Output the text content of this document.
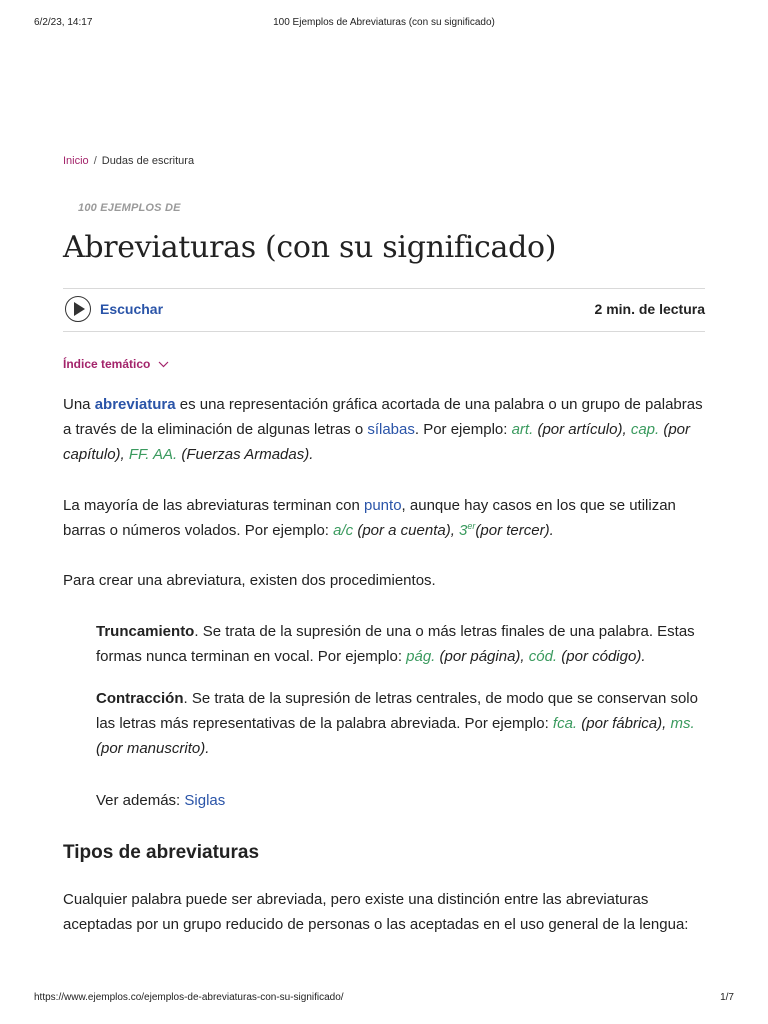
6/2/23, 14:17	100 Ejemplos de Abreviaturas (con su significado)
Inicio / Dudas de escritura
100 EJEMPLOS DE
Abreviaturas (con su significado)
Escuchar	2 min. de lectura
Índice temático

Una abreviatura es una representación gráfica acortada de una palabra o un grupo de palabras a través de la eliminación de algunas letras o sílabas. Por ejemplo: art. (por artículo), cap. (por capítulo), FF. AA. (Fuerzas Armadas).

La mayoría de las abreviaturas terminan con punto, aunque hay casos en los que se utilizan barras o números volados. Por ejemplo: a/c (por a cuenta), 3er(por tercer).

Para crear una abreviatura, existen dos procedimientos.

Truncamiento. Se trata de la supresión de una o más letras finales de una palabra. Estas formas nunca terminan en vocal. Por ejemplo: pág. (por página), cód. (por código).

Contracción. Se trata de la supresión de letras centrales, de modo que se conservan solo las letras más representativas de la palabra abreviada. Por ejemplo: fca. (por fábrica), ms. (por manuscrito).

Ver además: Siglas

Tipos de abreviaturas

Cualquier palabra puede ser abreviada, pero existe una distinción entre las abreviaturas aceptadas por un grupo reducido de personas o las aceptadas en el uso general de la lengua:

https://www.ejemplos.co/ejemplos-de-abreviaturas-con-su-significado/	1/7
